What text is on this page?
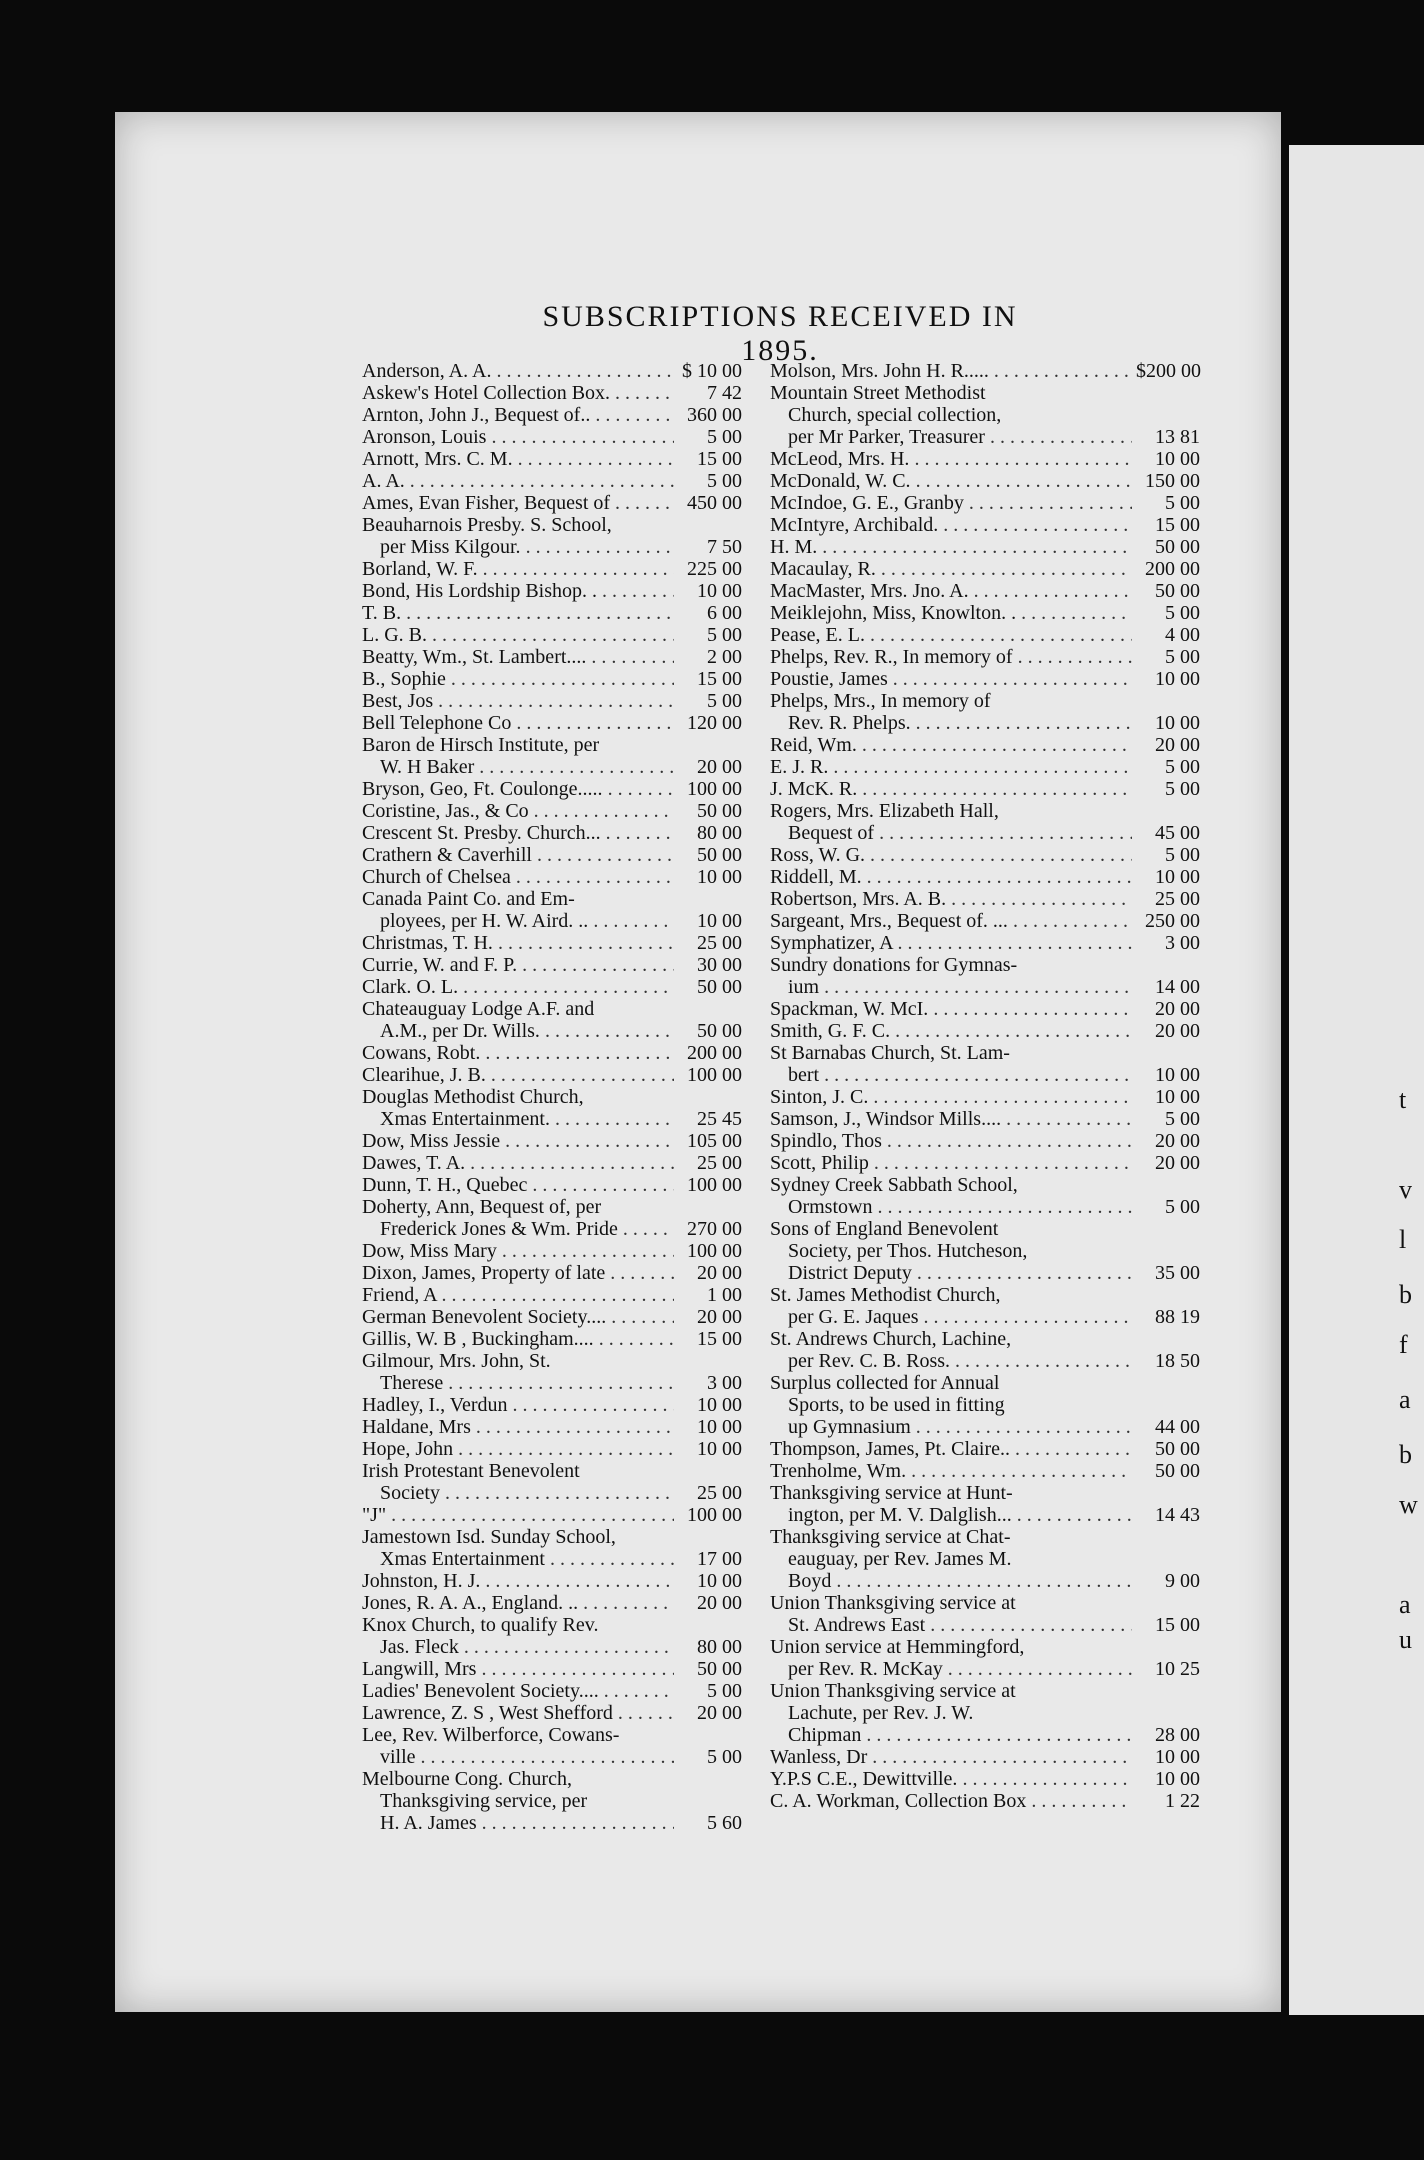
t
v
l
b
f
a
b
w
a
u
SUBSCRIPTIONS RECEIVED IN 1895.
Anderson, A. A. . . .	$ 10 00
Askew's Hotel Collection Box. . . .	7 42
Arnton, John J., Bequest of.. . . .	360 00
Aronson, Louis . . .	5 00
Arnott, Mrs. C. M. . . .	15 00
A. A. . . .	5 00
Ames, Evan Fisher, Bequest of . . .	450 00
Beauharnois Presby. S. School,
per Miss Kilgour. . . .	7 50
Borland, W. F. . . .	225 00
Bond, His Lordship Bishop. . . . .	10 00
T. B. . . .	6 00
L. G. B. . . .	5 00
Beatty, Wm., St. Lambert.... . . .	2 00
B., Sophie . . .	15 00
Best, Jos . . .	5 00
Bell Telephone Co . . .	120 00
Baron de Hirsch Institute, per
W. H Baker . . .	20 00
Bryson, Geo, Ft. Coulonge..... . . .	100 00
Coristine, Jas., & Co . . .	50 00
Crescent St. Presby. Church... . . .	80 00
Crathern & Caverhill . . .	50 00
Church of Chelsea . . .	10 00
Canada Paint Co. and Em-
ployees, per H. W. Aird. .. . . .	10 00
Christmas, T. H. . . .	25 00
Currie, W. and F. P. . . .	30 00
Clark. O. L. . . .	50 00
Chateauguay Lodge A.F. and
A.M., per Dr. Wills. . . .	50 00
Cowans, Robt. . . .	200 00
Clearihue, J. B. . . .	100 00
Douglas Methodist Church,
Xmas Entertainment. . . .	25 45
Dow, Miss Jessie . . .	105 00
Dawes, T. A. . . .	25 00
Dunn, T. H., Quebec . . .	100 00
Doherty, Ann, Bequest of, per
Frederick Jones & Wm. Pride . . .	270 00
Dow, Miss Mary . . .	100 00
Dixon, James, Property of late . . .	20 00
Friend, A . . .	1 00
German Benevolent Society.... . . .	20 00
Gillis, W. B , Buckingham.... . . .	15 00
Gilmour, Mrs. John, St.
Therese . . .	3 00
Hadley, I., Verdun . . .	10 00
Haldane, Mrs . . .	10 00
Hope, John . . .	10 00
Irish Protestant Benevolent
Society . . .	25 00
"J" . . .	100 00
Jamestown Isd. Sunday School,
Xmas Entertainment . . .	17 00
Johnston, H. J. . . .	10 00
Jones, R. A. A., England. .. . . .	20 00
Knox Church, to qualify Rev.
Jas. Fleck . . .	80 00
Langwill, Mrs . . .	50 00
Ladies' Benevolent Society.... . . .	5 00
Lawrence, Z. S , West Shefford . . .	20 00
Lee, Rev. Wilberforce, Cowans-
ville . . .	5 00
Melbourne Cong. Church,
Thanksgiving service, per
H. A. James . . .	5 60
Molson, Mrs. John H. R..... . . .	$200 00
Mountain Street Methodist
Church, special collection,
per Mr Parker, Treasurer . . .	13 81
McLeod, Mrs. H. . . .	10 00
McDonald, W. C. . . .	150 00
McIndoe, G. E., Granby . . .	5 00
McIntyre, Archibald. . . .	15 00
H. M. . . .	50 00
Macaulay, R. . . .	200 00
MacMaster, Mrs. Jno. A. . . .	50 00
Meiklejohn, Miss, Knowlton. . . . .	5 00
Pease, E. L. . . .	4 00
Phelps, Rev. R., In memory of . . .	5 00
Poustie, James . . .	10 00
Phelps, Mrs., In memory of
Rev. R. Phelps. . . .	10 00
Reid, Wm. . . .	20 00
E. J. R. . . .	5 00
J. McK. R. . . .	5 00
Rogers, Mrs. Elizabeth Hall,
Bequest of . . .	45 00
Ross, W. G. . . .	5 00
Riddell, M. . . .	10 00
Robertson, Mrs. A. B. . . .	25 00
Sargeant, Mrs., Bequest of. ... . . .	250 00
Symphatizer, A . . .	3 00
Sundry donations for Gymnas-
ium . . .	14 00
Spackman, W. McI. . . .	20 00
Smith, G. F. C. . . .	20 00
St Barnabas Church, St. Lam-
bert . . .	10 00
Sinton, J. C. . . .	10 00
Samson, J., Windsor Mills.... . . .	5 00
Spindlo, Thos . . .	20 00
Scott, Philip . . .	20 00
Sydney Creek Sabbath School,
Ormstown . . .	5 00
Sons of England Benevolent
Society, per Thos. Hutcheson,
District Deputy . . .	35 00
St. James Methodist Church,
per G. E. Jaques . . .	88 19
St. Andrews Church, Lachine,
per Rev. C. B. Ross. . . .	18 50
Surplus collected for Annual
Sports, to be used in fitting
up Gymnasium . . .	44 00
Thompson, James, Pt. Claire.. . . .	50 00
Trenholme, Wm. . . .	50 00
Thanksgiving service at Hunt-
ington, per M. V. Dalglish... . . .	14 43
Thanksgiving service at Chat-
eauguay, per Rev. James M.
Boyd . . .	9 00
Union Thanksgiving service at
St. Andrews East . . .	15 00
Union service at Hemmingford,
per Rev. R. McKay . . .	10 25
Union Thanksgiving service at
Lachute, per Rev. J. W.
Chipman . . .	28 00
Wanless, Dr . . .	10 00
Y.P.S C.E., Dewittville. . . .	10 00
C. A. Workman, Collection Box . . .	1 22
